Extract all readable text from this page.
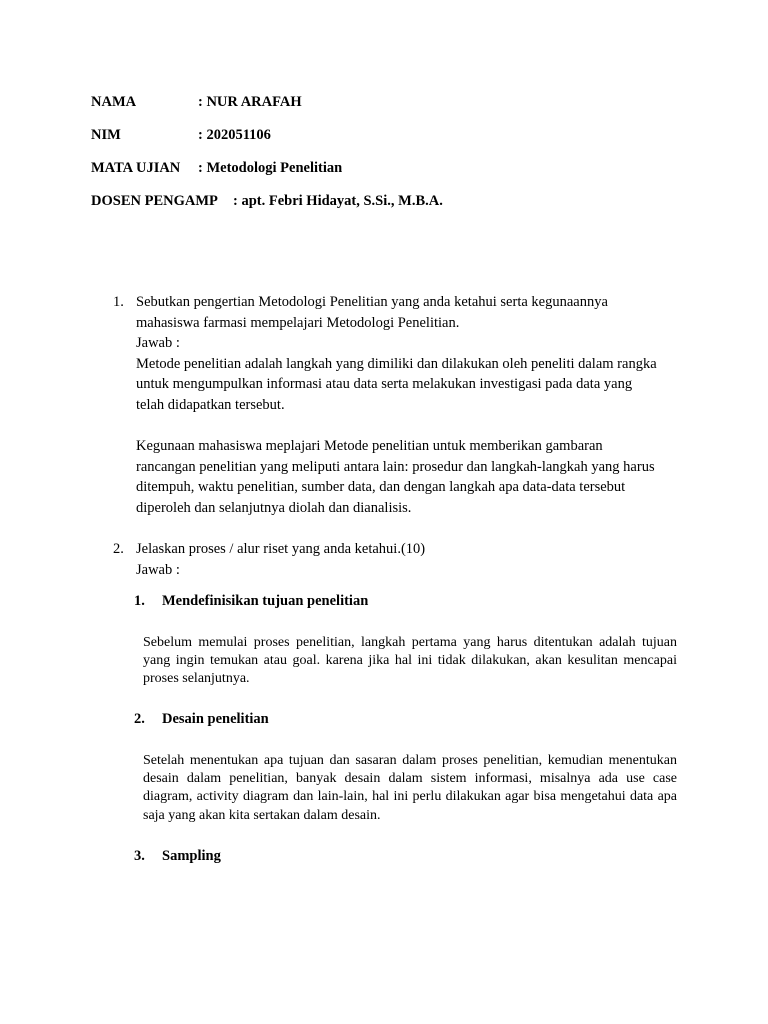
NAMA	: NUR ARAFAH
NIM	: 202051106
MATA UJIAN : Metodologi Penelitian
DOSEN PENGAMP : apt. Febri Hidayat, S.Si., M.B.A.
1. Sebutkan pengertian Metodologi Penelitian yang anda ketahui serta kegunaannya
mahasiswa farmasi mempelajari Metodologi Penelitian.
Jawab :
Metode penelitian adalah langkah yang dimiliki dan dilakukan oleh peneliti dalam rangka
untuk mengumpulkan informasi atau data serta melakukan investigasi pada data yang
telah didapatkan tersebut.
Kegunaan mahasiswa meplajari Metode penelitian untuk memberikan gambaran
rancangan penelitian yang meliputi antara lain: prosedur dan langkah-langkah yang harus
ditempuh, waktu penelitian, sumber data, dan dengan langkah apa data-data tersebut
diperoleh dan selanjutnya diolah dan dianalisis.
2. Jelaskan proses / alur riset yang anda ketahui.(10)
Jawab :
1. Mendefinisikan tujuan penelitian
Sebelum memulai proses penelitian, langkah pertama yang harus ditentukan adalah tujuan yang ingin temukan atau goal. karena jika hal ini tidak dilakukan, akan kesulitan mencapai proses selanjutnya.
2. Desain penelitian
Setelah menentukan apa tujuan dan sasaran dalam proses penelitian, kemudian menentukan desain dalam penelitian, banyak desain dalam sistem informasi, misalnya ada use case diagram, activity diagram dan lain-lain, hal ini perlu dilakukan agar bisa mengetahui data apa saja yang akan kita sertakan dalam desain.
3. Sampling
